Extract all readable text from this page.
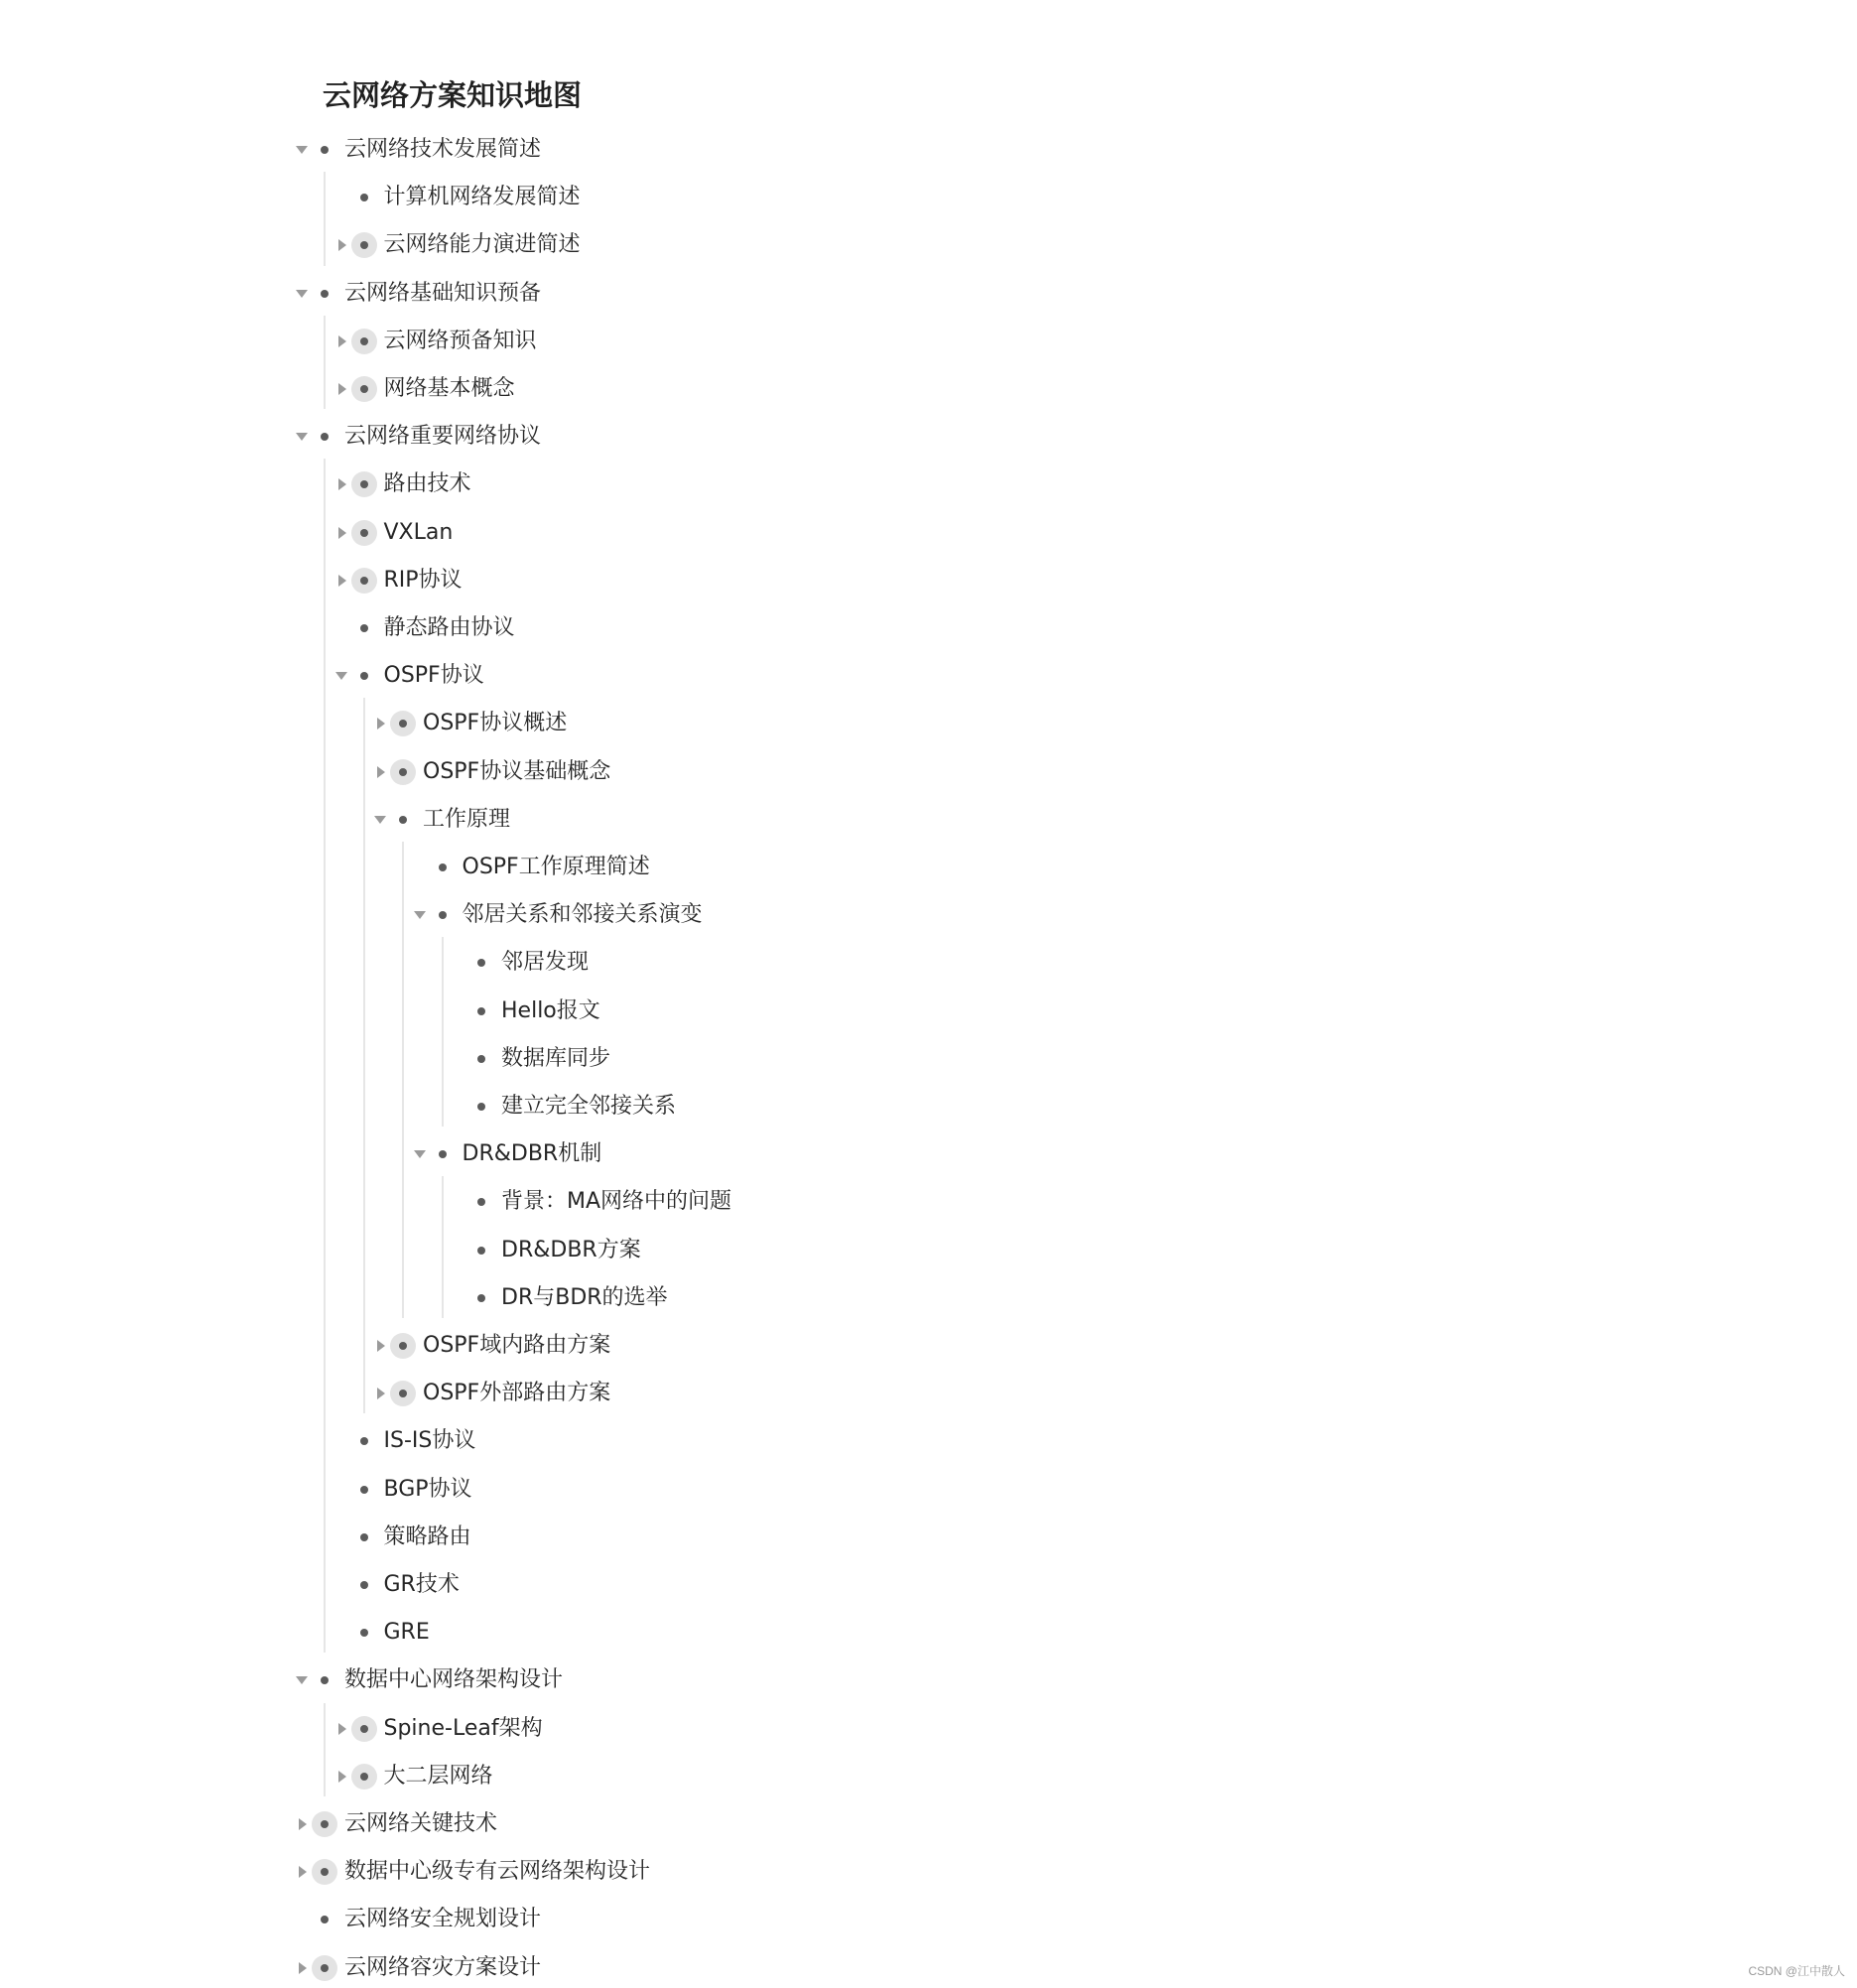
云网络方案知识地图
云网络技术发展简述
计算机网络发展简述
云网络能力演进简述
云网络基础知识预备
云网络预备知识
网络基本概念
云网络重要网络协议
路由技术
VXLan
RIP协议
静态路由协议
OSPF协议
OSPF协议概述
OSPF协议基础概念
工作原理
OSPF工作原理简述
邻居关系和邻接关系演变
邻居发现
Hello报文
数据库同步
建立完全邻接关系
DR&DBR机制
背景：MA网络中的问题
DR&DBR方案
DR与BDR的选举
OSPF域内路由方案
OSPF外部路由方案
IS-IS协议
BGP协议
策略路由
GR技术
GRE
数据中心网络架构设计
Spine-Leaf架构
大二层网络
云网络关键技术
数据中心级专有云网络架构设计
云网络安全规划设计
云网络容灾方案设计	CSDN @江中散人
